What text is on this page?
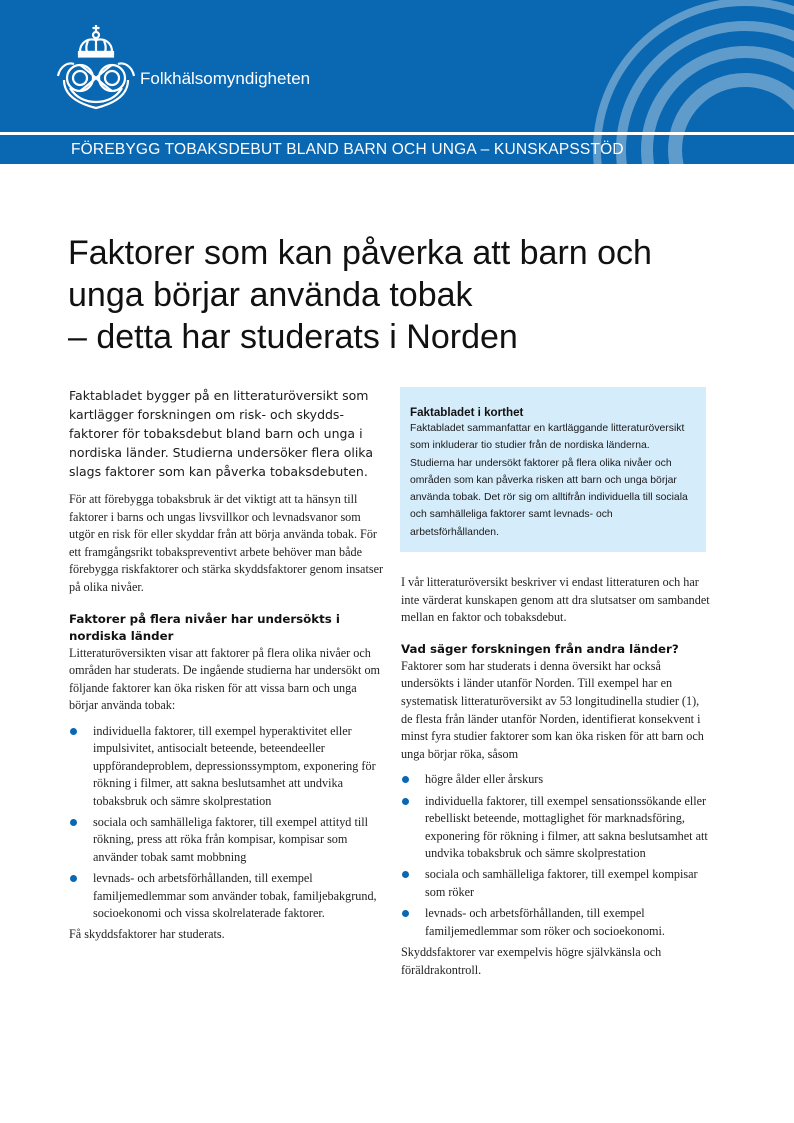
Folkhälsomyndigheten
FÖREBYGG TOBAKSDEBUT BLAND BARN OCH UNGA – KUNSKAPSSTÖD
Faktorer som kan påverka att barn och
unga börjar använda tobak
– detta har studerats i Norden

Faktabladet bygger på en litteraturöversikt som kartlägger forskningen om risk- och skyddsfaktorer för tobaksdebut bland barn och unga i nordiska länder. Studierna undersöker flera olika slags faktorer som kan påverka tobaksdebuten.

För att förebygga tobaksbruk är det viktigt att ta hänsyn till faktorer i barns och ungas livsvillkor och levnadsvanor som utgör en risk för eller skyddar från att börja använda tobak. För ett framgångsrikt tobakspreventivt arbete behöver man både förebygga riskfaktorer och stärka skyddsfaktorer genom insatser på olika nivåer.

Faktorer på flera nivåer har undersökts i nordiska länder

Litteraturöversikten visar att faktorer på flera olika nivåer och områden har studerats. De ingående studierna har undersökt om följande faktorer kan öka risken för att vissa barn och unga börjar använda tobak:

individuella faktorer, till exempel hyperaktivitet eller impulsivitet, antisocialt beteende, beteendeeller uppförandeproblem, depressionssymptom, exponering för rökning i filmer, att sakna beslutsamhet att undvika tobaksbruk och sämre skolprestation
sociala och samhälleliga faktorer, till exempel attityd till rökning, press att röka från kompisar, kompisar som använder tobak samt mobbning
levnads- och arbetsförhållanden, till exempel familjemedlemmar som använder tobak, familjebakgrund, socioekonomi och vissa skolrelaterade faktorer.

Få skyddsfaktorer har studerats.

Faktabladet i korthet
Faktabladet sammanfattar en kartläggande litteraturöversikt som inkluderar tio studier från de nordiska länderna. Studierna har undersökt faktorer på flera olika nivåer och områden som kan påverka risken att barn och unga börjar använda tobak. Det rör sig om alltifrån individuella till sociala och samhälleliga faktorer samt levnads- och arbetsförhållanden.

I vår litteraturöversikt beskriver vi endast litteraturen och har inte värderat kunskapen genom att dra slutsatser om sambandet mellan en faktor och tobaksdebut.

Vad säger forskningen från andra länder?

Faktorer som har studerats i denna översikt har också undersökts i länder utanför Norden. Till exempel har en systematisk litteraturöversikt av 53 longitudinella studier (1), de flesta från länder utanför Norden, identifierat konsekvent i minst fyra studier faktorer som kan öka risken för att barn och unga börjar röka, såsom

högre ålder eller årskurs
individuella faktorer, till exempel sensationssökande eller rebelliskt beteende, mottaglighet för marknadsföring, exponering för rökning i filmer, att sakna beslutsamhet att undvika tobaksbruk och sämre skolprestation
sociala och samhälleliga faktorer, till exempel kompisar som röker
levnads- och arbetsförhållanden, till exempel familjemedlemmar som röker och socioekonomi.

Skyddsfaktorer var exempelvis högre självkänsla och föräldrakontroll.
